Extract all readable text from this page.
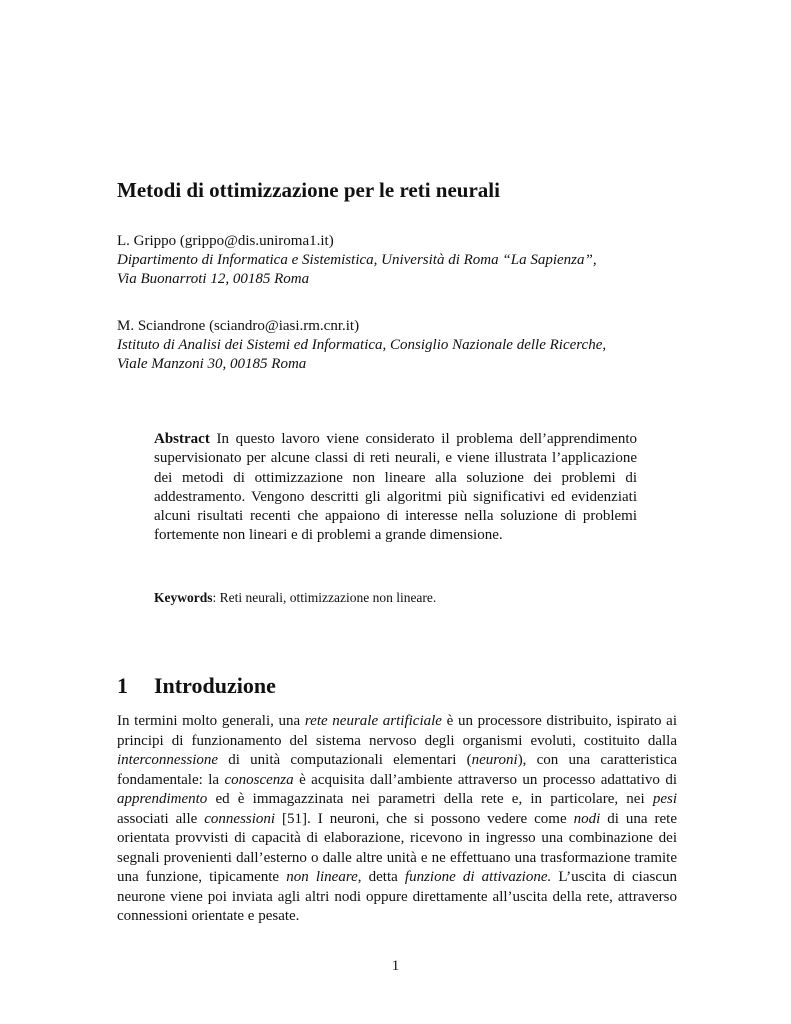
Metodi di ottimizzazione per le reti neurali
L. Grippo (grippo@dis.uniroma1.it)
Dipartimento di Informatica e Sistemistica, Università di Roma “La Sapienza”,
Via Buonarroti 12, 00185 Roma
M. Sciandrone (sciandro@iasi.rm.cnr.it)
Istituto di Analisi dei Sistemi ed Informatica, Consiglio Nazionale delle Ricerche,
Viale Manzoni 30, 00185 Roma

Abstract In questo lavoro viene considerato il problema dell’apprendimento supervisionato per alcune classi di reti neurali, e viene illustrata l’applicazione dei metodi di ottimizzazione non lineare alla soluzione dei problemi di addestramento. Vengono descritti gli algoritmi più significativi ed evidenziati alcuni risultati recenti che appaiono di interesse nella soluzione di problemi fortemente non lineari e di problemi a grande dimensione.

Keywords: Reti neurali, ottimizzazione non lineare.

1 Introduzione

In termini molto generali, una rete neurale artificiale è un processore distribuito, ispirato ai principi di funzionamento del sistema nervoso degli organismi evoluti, costituito dalla interconnessione di unità computazionali elementari (neuroni), con una caratteristica fondamentale: la conoscenza è acquisita dall’ambiente attraverso un processo adattativo di apprendimento ed è immagazzinata nei parametri della rete e, in particolare, nei pesi associati alle connessioni [51]. I neuroni, che si possono vedere come nodi di una rete orientata provvisti di capacità di elaborazione, ricevono in ingresso una combinazione dei segnali provenienti dall’esterno o dalle altre unità e ne effettuano una trasformazione tramite una funzione, tipicamente non lineare, detta funzione di attivazione. L’uscita di ciascun neurone viene poi inviata agli altri nodi oppure direttamente all’uscita della rete, attraverso connessioni orientate e pesate.

1
